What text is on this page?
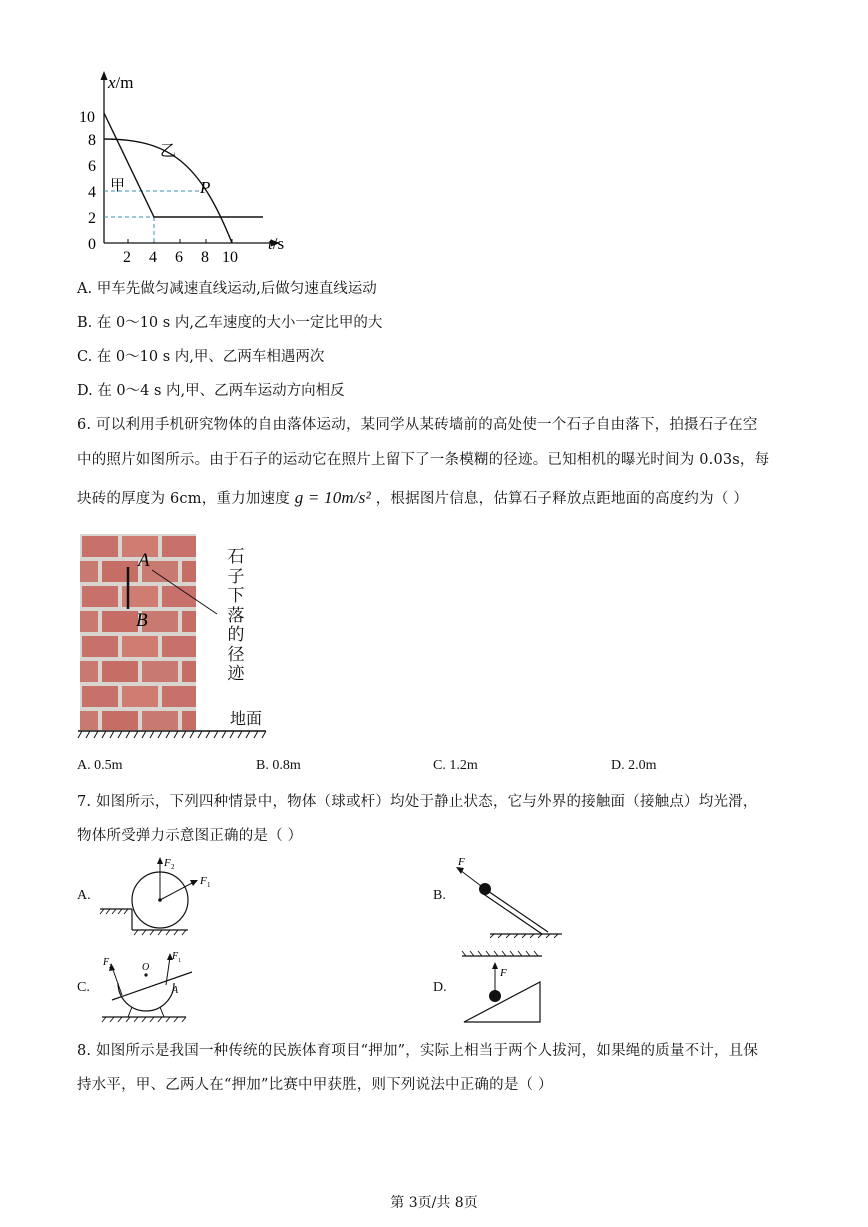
x/m
t/s
0
2
4
6
8
10
2 4 6 8 10
乙
甲	P
A. 甲车先做匀减速直线运动,后做匀速直线运动
B. 在 0～10 s 内,乙车速度的大小一定比甲的大
C. 在 0～10 s 内,甲、乙两车相遇两次
D. 在 0～4 s 内,甲、乙两车运动方向相反
6. 可以利用手机研究物体的自由落体运动，某同学从某砖墙前的高处使一个石子自由落下，拍摄石子在空
中的照片如图所示。由于石子的运动它在照片上留下了一条模糊的径迹。已知相机的曝光时间为 0.03s，每
块砖的厚度为 6cm，重力加速度 g = 10m/s² ，根据图片信息，估算石子释放点距地面的高度约为（ ）
A
B
石
子
下
落
的
径
迹
地面
A. 0.5m	B. 0.8m	C. 1.2m	D. 2.0m
7. 如图所示，下列四种情景中，物体（球或杆）均处于静止状态，它与外界的接触面（接触点）均光滑，
物体所受弹力示意图正确的是（ ）
A.	B.
C.	D.
F 2
F 1
F
O
A
F 1
F 2	F
8. 如图所示是我国一种传统的民族体育项目“押加”，实际上相当于两个人拔河，如果绳的质量不计，且保
持水平，甲、乙两人在“押加”比赛中甲获胜，则下列说法中正确的是（ ）
第 3页/共 8页
